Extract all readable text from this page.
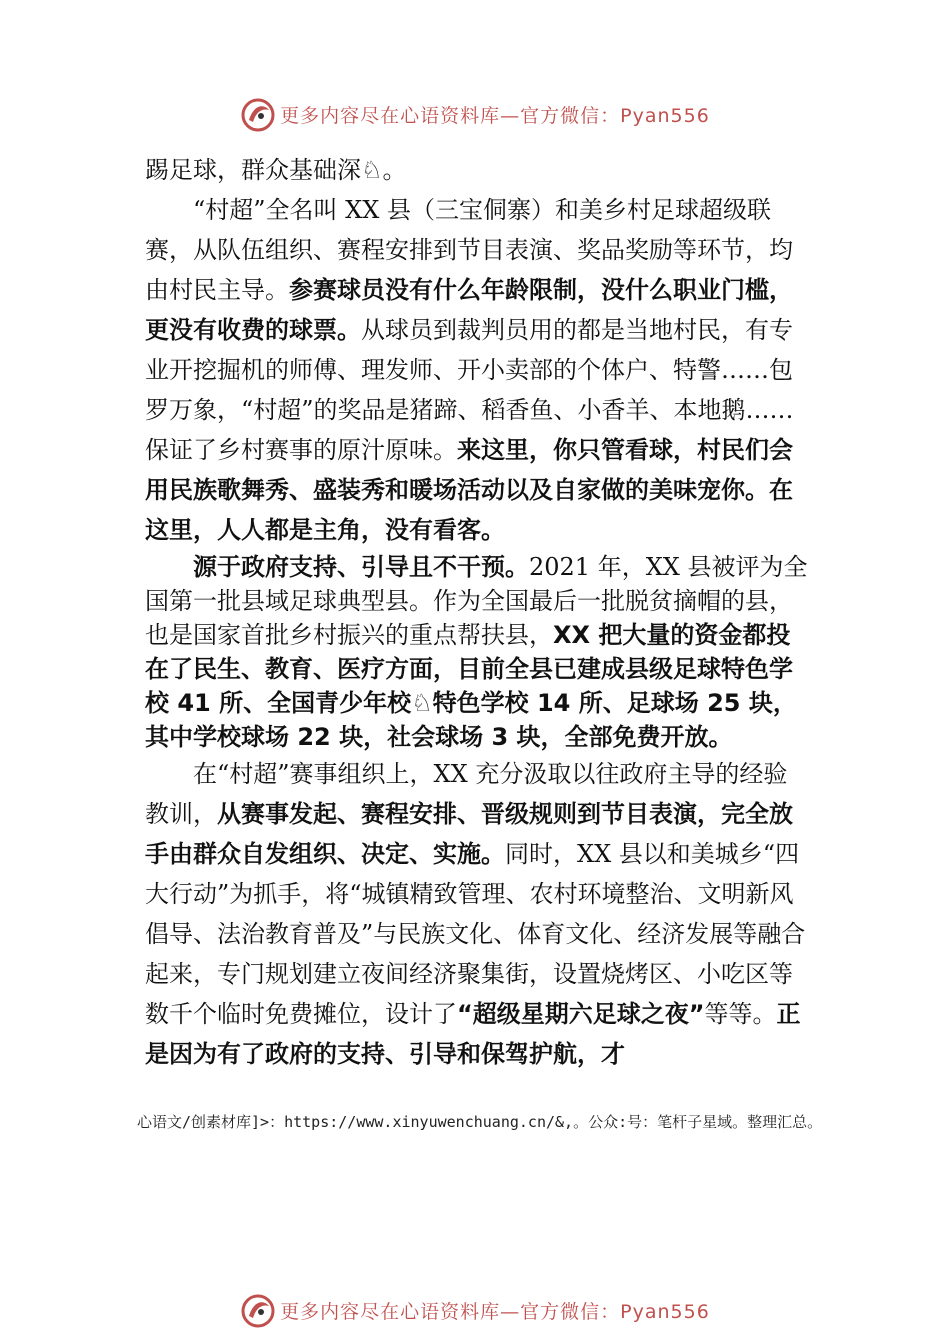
更多内容尽在心语资料库—官方微信：Pyan556

踢足球，群众基础深♘。

“村超”全名叫 XX 县（三宝侗寨）和美乡村足球超级联赛，从队伍组织、赛程安排到节目表演、奖品奖励等环节，均由村民主导。参赛球员没有什么年龄限制，没什么职业门槛，更没有收费的球票。从球员到裁判员用的都是当地村民，有专业开挖掘机的师傅、理发师、开小卖部的个体户、特警……包罗万象，“村超”的奖品是猪蹄、稻香鱼、小香羊、本地鹅……保证了乡村赛事的原汁原味。来这里，你只管看球，村民们会用民族歌舞秀、盛装秀和暖场活动以及自家做的美味宠你。在这里，人人都是主角，没有看客。

源于政府支持、引导且不干预。2021 年，XX 县被评为全国第一批县域足球典型县。作为全国最后一批脱贫摘帽的县，也是国家首批乡村振兴的重点帮扶县，XX 把大量的资金都投在了民生、教育、医疗方面，目前全县已建成县级足球特色学校 41 所、全国青少年校♘特色学校 14 所、足球场 25 块，其中学校球场 22 块，社会球场 3 块，全部免费开放。

在“村超”赛事组织上，XX 充分汲取以往政府主导的经验教训，从赛事发起、赛程安排、晋级规则到节目表演，完全放手由群众自发组织、决定、实施。同时，XX 县以和美城乡“四大行动”为抓手，将“城镇精致管理、农村环境整治、文明新风倡导、法治教育普及”与民族文化、体育文化、经济发展等融合起来，专门规划建立夜间经济聚集街，设置烧烤区、小吃区等数千个临时免费摊位，设计了“超级星期六足球之夜”等等。正是因为有了政府的支持、引导和保驾护航，才

心语文/创素材库]>：https://www.xinyuwenchuang.cn/&,。公众:号：笔杆子星域。整理汇总。
更多内容尽在心语资料库—官方微信：Pyan556
